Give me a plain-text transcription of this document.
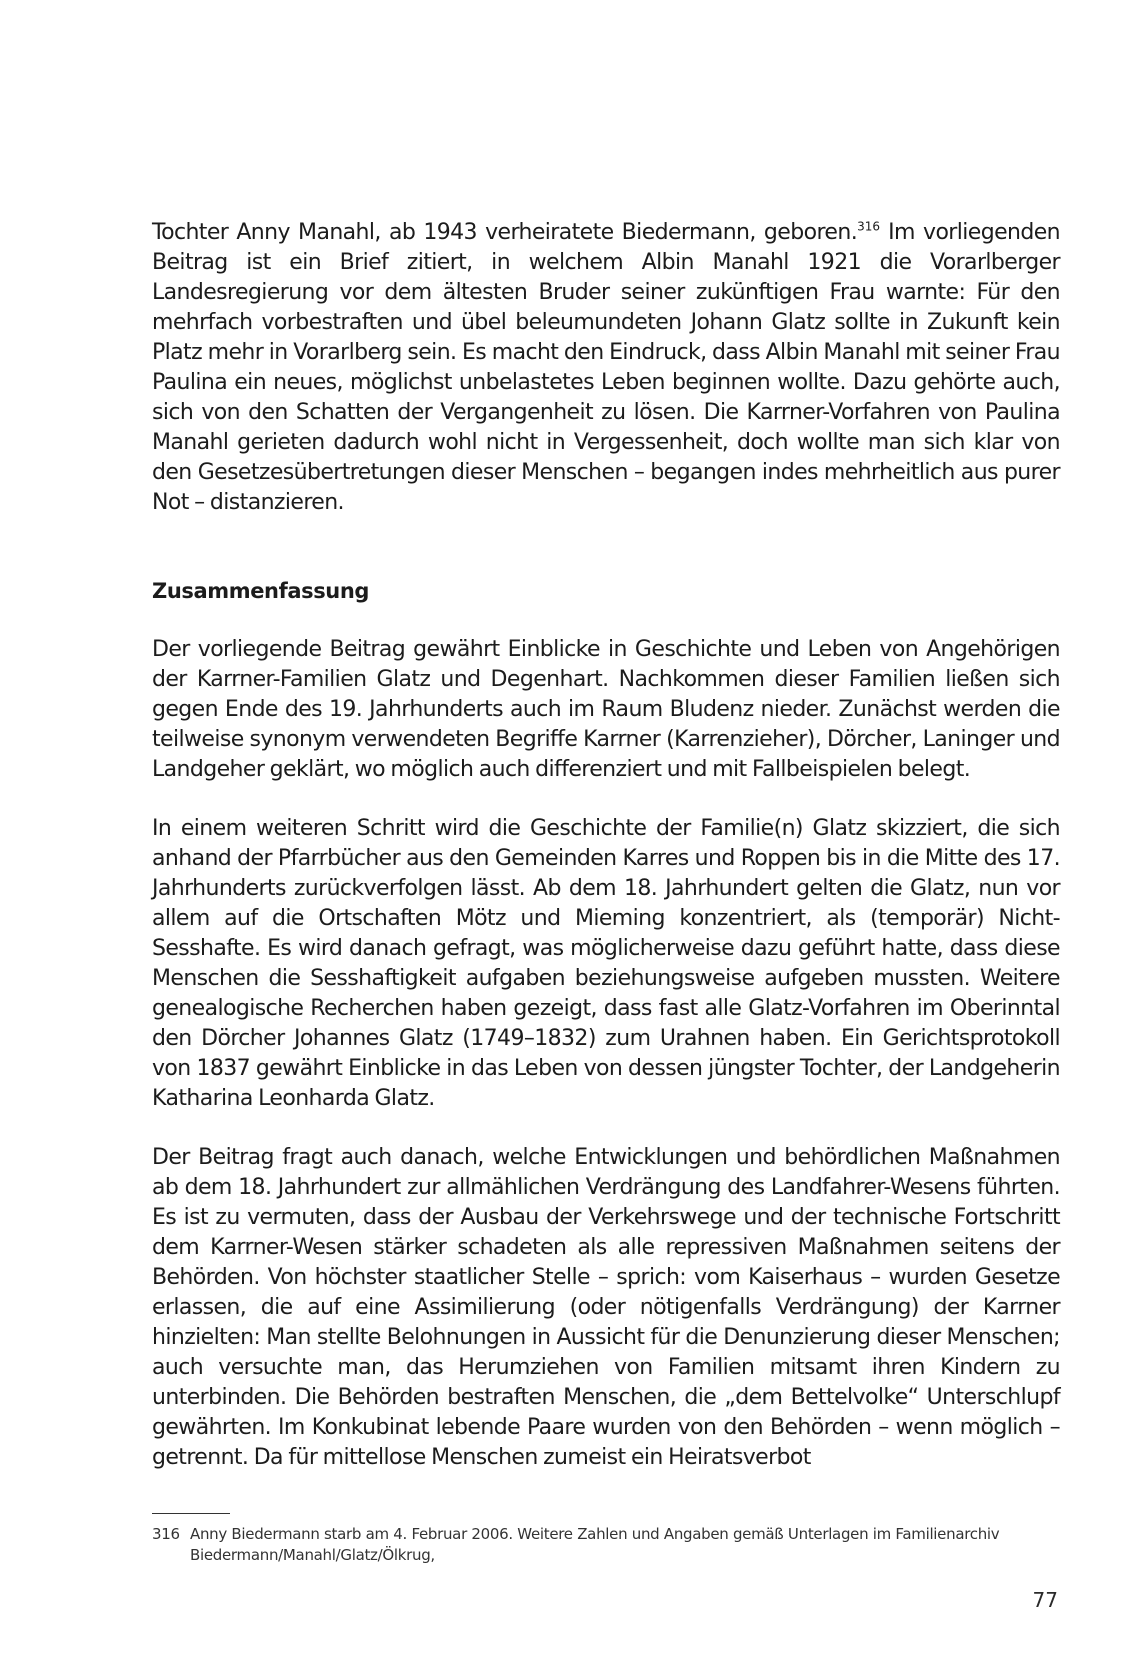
Tochter Anny Manahl, ab 1943 verheiratete Biedermann, geboren.$^{316}$ Im vorliegenden Beitrag ist ein Brief zitiert, in welchem Albin Manahl 1921 die Vorarlberger Landesregierung vor dem ältesten Bruder seiner zukünftigen Frau warnte: Für den mehrfach vorbestraften und übel beleumundeten Johann Glatz sollte in Zukunft kein Platz mehr in Vorarlberg sein. Es macht den Eindruck, dass Albin Manahl mit seiner Frau Paulina ein neues, möglichst unbelastetes Leben beginnen wollte. Dazu gehörte auch, sich von den Schatten der Vergangenheit zu lösen. Die Karrner-Vorfahren von Paulina Manahl gerieten dadurch wohl nicht in Vergessenheit, doch wollte man sich klar von den Gesetzesübertretungen dieser Menschen – begangen indes mehrheitlich aus purer Not – distanzieren.

Zusammenfassung

Der vorliegende Beitrag gewährt Einblicke in Geschichte und Leben von Angehörigen der Karrner-Familien Glatz und Degenhart. Nachkommen dieser Familien ließen sich gegen Ende des 19. Jahrhunderts auch im Raum Bludenz nieder. Zunächst werden die teilweise synonym verwendeten Begriffe Karrner (Karrenzieher), Dörcher, Laninger und Landgeher geklärt, wo möglich auch differenziert und mit Fallbeispielen belegt.

In einem weiteren Schritt wird die Geschichte der Familie(n) Glatz skizziert, die sich anhand der Pfarrbücher aus den Gemeinden Karres und Roppen bis in die Mitte des 17. Jahrhunderts zurückverfolgen lässt. Ab dem 18. Jahrhundert gelten die Glatz, nun vor allem auf die Ortschaften Mötz und Mieming konzentriert, als (temporär) Nicht-Sesshafte. Es wird danach gefragt, was möglicherweise dazu geführt hatte, dass diese Menschen die Sesshaftigkeit aufgaben beziehungsweise aufgeben mussten. Weitere genealogische Recherchen haben gezeigt, dass fast alle Glatz-Vorfahren im Oberinntal den Dörcher Johannes Glatz (1749–1832) zum Urahnen haben. Ein Gerichtsprotokoll von 1837 gewährt Einblicke in das Leben von dessen jüngster Tochter, der Landgeherin Katharina Leonharda Glatz.

Der Beitrag fragt auch danach, welche Entwicklungen und behördlichen Maßnahmen ab dem 18. Jahrhundert zur allmählichen Verdrängung des Landfahrer-Wesens führten. Es ist zu vermuten, dass der Ausbau der Verkehrswege und der technische Fortschritt dem Karrner-Wesen stärker schadeten als alle repressiven Maßnahmen seitens der Behörden. Von höchster staatlicher Stelle – sprich: vom Kaiserhaus – wurden Gesetze erlassen, die auf eine Assimilierung (oder nötigenfalls Verdrängung) der Karrner hinzielten: Man stellte Belohnungen in Aussicht für die Denunzierung dieser Menschen; auch versuchte man, das Herumziehen von Familien mitsamt ihren Kindern zu unterbinden. Die Behörden bestraften Menschen, die „dem Bettelvolke“ Unterschlupf gewährten. Im Konkubinat lebende Paare wurden von den Behörden – wenn möglich – getrennt. Da für mittellose Menschen zumeist ein Heiratsverbot

316 Anny Biedermann starb am 4. Februar 2006. Weitere Zahlen und Angaben gemäß Unterlagen im Familienarchiv Biedermann/Manahl/Glatz/Ölkrug,
77
